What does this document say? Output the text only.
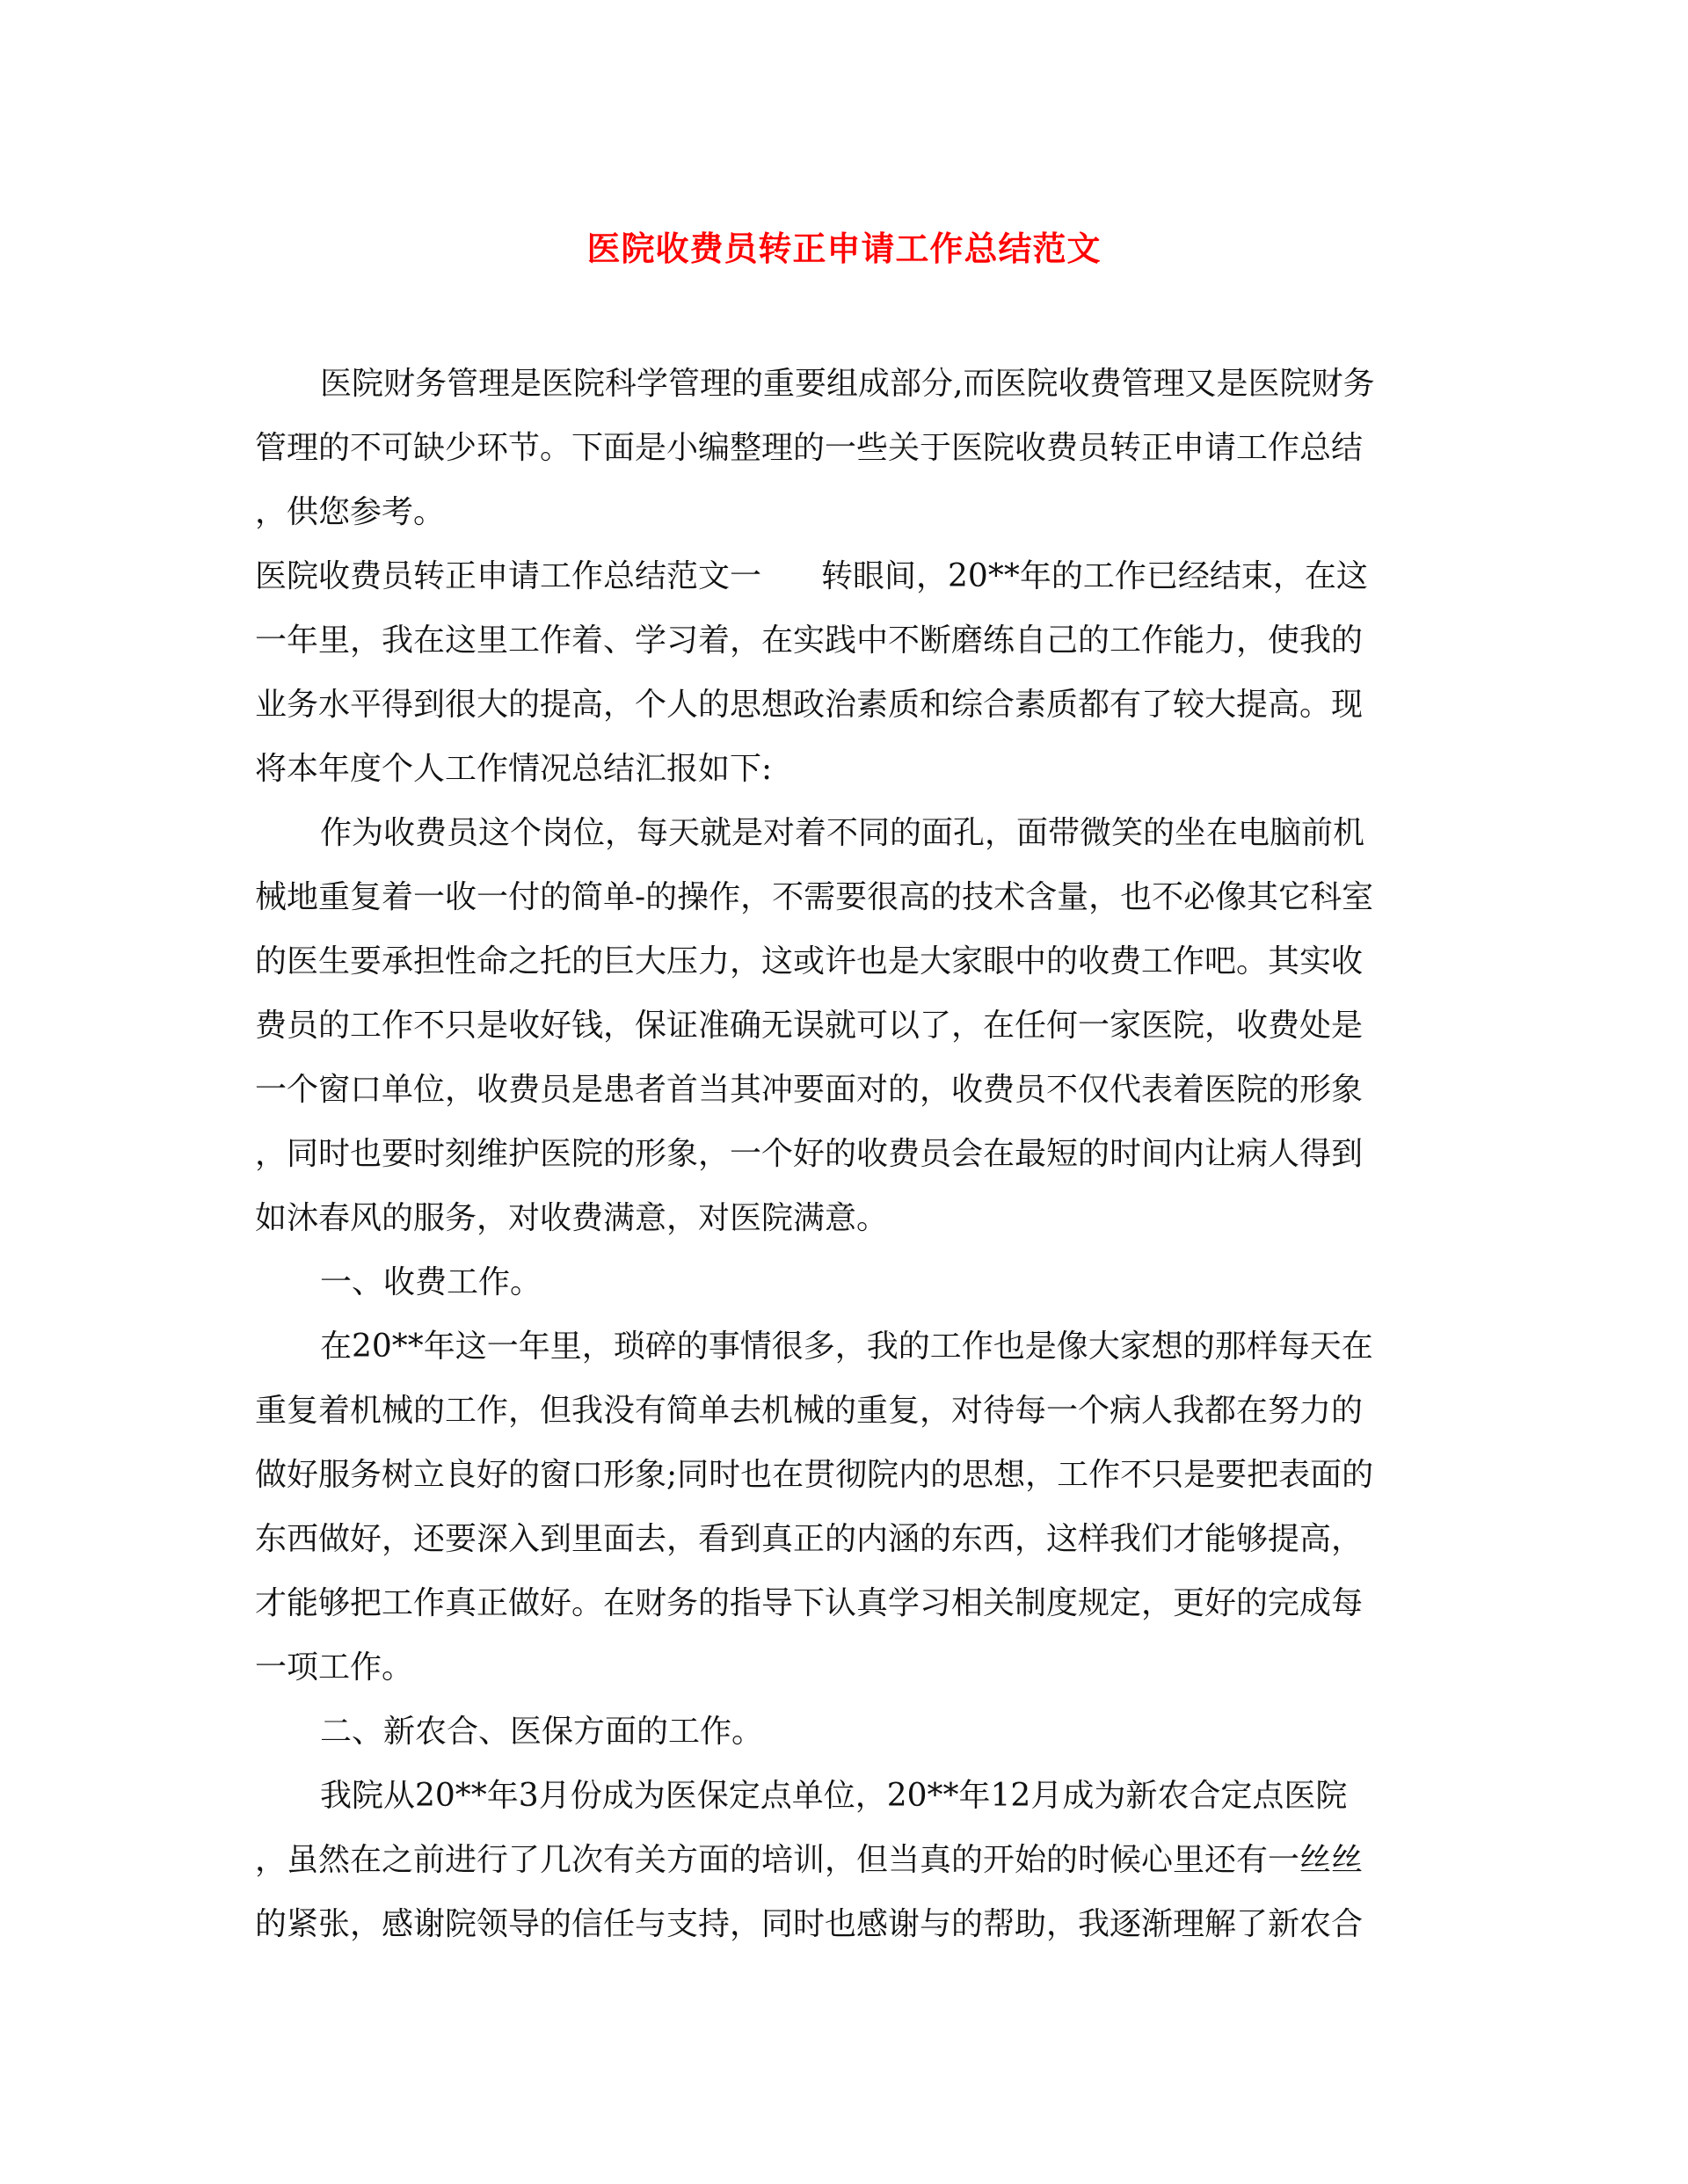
医院收费员转正申请工作总结范文
医院财务管理是医院科学管理的重要组成部分,而医院收费管理又是医院财务
管理的不可缺少环节。下面是小编整理的一些关于医院收费员转正申请工作总结
，供您参考。
医院收费员转正申请工作总结范文一 转眼间，20**年的工作已经结束，在这
一年里，我在这里工作着、学习着，在实践中不断磨练自己的工作能力，使我的
业务水平得到很大的提高，个人的思想政治素质和综合素质都有了较大提高。现
将本年度个人工作情况总结汇报如下:
作为收费员这个岗位，每天就是对着不同的面孔，面带微笑的坐在电脑前机
械地重复着一收一付的简单-的操作，不需要很高的技术含量，也不必像其它科室
的医生要承担性命之托的巨大压力，这或许也是大家眼中的收费工作吧。其实收
费员的工作不只是收好钱，保证准确无误就可以了，在任何一家医院，收费处是
一个窗口单位，收费员是患者首当其冲要面对的，收费员不仅代表着医院的形象
，同时也要时刻维护医院的形象，一个好的收费员会在最短的时间内让病人得到
如沐春风的服务，对收费满意，对医院满意。
一、收费工作。
在20**年这一年里，琐碎的事情很多，我的工作也是像大家想的那样每天在
重复着机械的工作，但我没有简单去机械的重复，对待每一个病人我都在努力的
做好服务树立良好的窗口形象;同时也在贯彻院内的思想，工作不只是要把表面的
东西做好，还要深入到里面去，看到真正的内涵的东西，这样我们才能够提高，
才能够把工作真正做好。在财务的指导下认真学习相关制度规定，更好的完成每
一项工作。
二、新农合、医保方面的工作。
我院从20**年3月份成为医保定点单位，20**年12月成为新农合定点医院
，虽然在之前进行了几次有关方面的培训，但当真的开始的时候心里还有一丝丝
的紧张，感谢院领导的信任与支持，同时也感谢与的帮助，我逐渐理解了新农合
